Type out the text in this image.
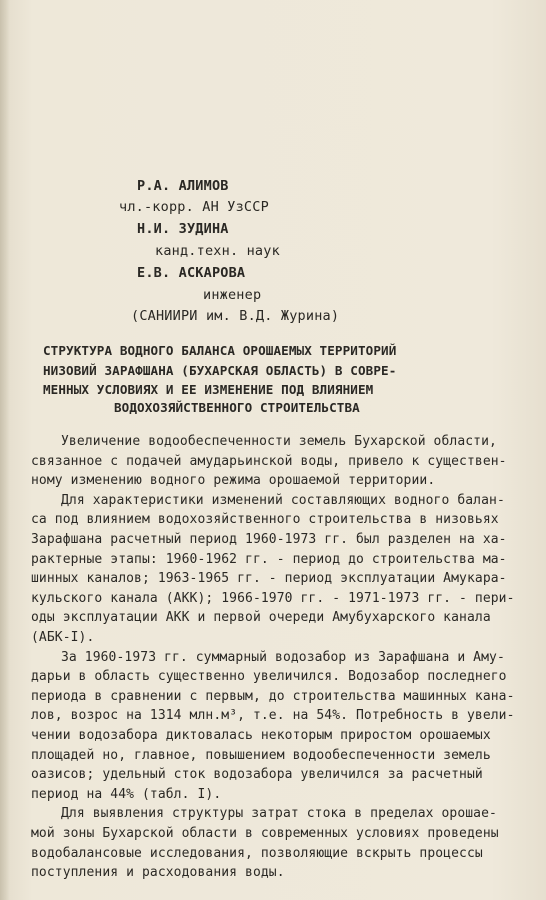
Р.А. АЛИМОВ
чл.-корр. АН УзССР
Н.И. ЗУДИНА
канд.техн. наук
Е.В. АСКАРОВА
инженер
(САНИИРИ им. В.Д. Журина)
СТРУКТУРА ВОДНОГО БАЛАНСА ОРОШАЕМЫХ ТЕРРИТОРИЙ
НИЗОВИЙ ЗАРАФШАНА (БУХАРСКАЯ ОБЛАСТЬ) В СОВРЕ-
МЕННЫХ УСЛОВИЯХ И ЕЕ ИЗМЕНЕНИЕ ПОД ВЛИЯНИЕМ
ВОДОХОЗЯЙСТВЕННОГО СТРОИТЕЛЬСТВА
Увеличение водообеспеченности земель Бухарской области,
связанное с подачей амударьинской воды, привело к существен-
ному изменению водного режима орошаемой территории.
Для характеристики изменений составляющих водного балан-
са под влиянием водохозяйственного строительства в низовьях
Зарафшана расчетный период 1960-1973 гг. был разделен на ха-
рактерные этапы: 1960-1962 гг. - период до строительства ма-
шинных каналов; 1963-1965 гг. - период эксплуатации Амукара-
кульского канала (АКК); 1966-1970 гг. - 1971-1973 гг. - пери-
оды эксплуатации АКК и первой очереди Амубухарского канала
(АБК-I).
За 1960-1973 гг. суммарный водозабор из Зарафшана и Аму-
дарьи в область существенно увеличился. Водозабор последнего
периода в сравнении с первым, до строительства машинных кана-
лов, возрос на 1314 млн.м³, т.е. на 54%. Потребность в увели-
чении водозабора диктовалась некоторым приростом орошаемых
площадей но, главное, повышением водообеспеченности земель
оазисов; удельный сток водозабора увеличился за расчетный
период на 44% (табл. I).
Для выявления структуры затрат стока в пределах орошае-
мой зоны Бухарской области в современных условиях проведены
водобалансовые исследования, позволяющие вскрыть процессы
поступления и расходования воды.
